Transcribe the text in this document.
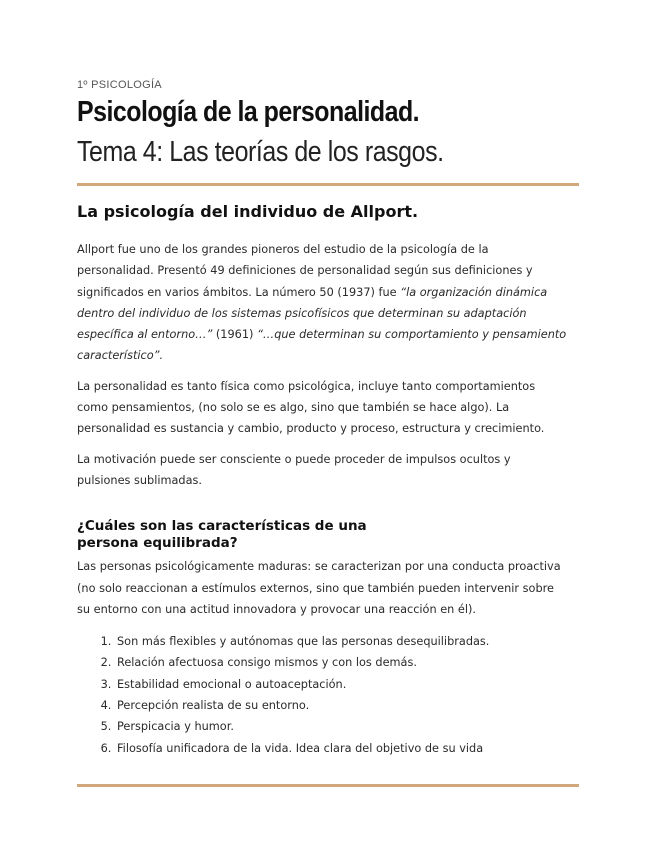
1º PSICOLOGÍA
Psicología de la personalidad.
Tema 4: Las teorías de los rasgos.
La psicología del individuo de Allport.

Allport fue uno de los grandes pioneros del estudio de la psicología de la personalidad. Presentó 49 definiciones de personalidad según sus definiciones y significados en varios ámbitos. La número 50 (1937) fue “la organización dinámica dentro del individuo de los sistemas psicofísicos que determinan su adaptación específica al entorno…” (1961) “…que determinan su comportamiento y pensamiento característico”.

La personalidad es tanto física como psicológica, incluye tanto comportamientos como pensamientos, (no solo se es algo, sino que también se hace algo). La personalidad es sustancia y cambio, producto y proceso, estructura y crecimiento.

La motivación puede ser consciente o puede proceder de impulsos ocultos y pulsiones sublimadas.

¿Cuáles son las características de una persona equilibrada?

Las personas psicológicamente maduras: se caracterizan por una conducta proactiva (no solo reaccionan a estímulos externos, sino que también pueden intervenir sobre su entorno con una actitud innovadora y provocar una reacción en él).

1. Son más flexibles y autónomas que las personas desequilibradas.
2. Relación afectuosa consigo mismos y con los demás.
3. Estabilidad emocional o autoaceptación.
4. Percepción realista de su entorno.
5. Perspicacia y humor.
6. Filosofía unificadora de la vida. Idea clara del objetivo de su vida
